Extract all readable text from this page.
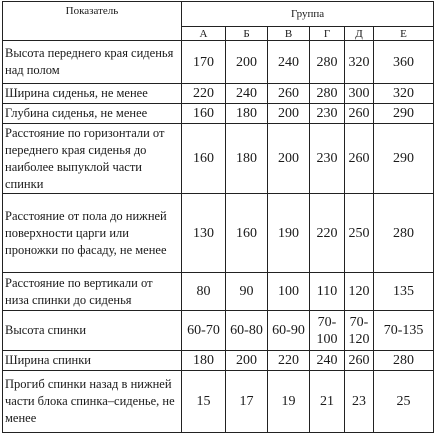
Показатель	Группа					
	А	Б	В	Г	Д	Е
Высота переднего края сиденья над полом	170	200	240	280	320	360
Ширина сиденья, не менее	220	240	260	280	300	320
Глубина сиденья, не менее	160	180	200	230	260	290
Расстояние по горизонтали от переднего края сиденья до наиболее выпуклой части спинки	160	180	200	230	260	290
Расстояние от пола до нижней поверхности царги или проножки по фасаду, не менее	130	160	190	220	250	280
Расстояние по вертикали от низа спинки до сиденья	80	90	100	110	120	135
Высота спинки	60-70	60-80	60-90	70-100	70-120	70-135
Ширина спинки	180	200	220	240	260	280
Прогиб спинки назад в нижней части блока спинка–сиденье, не менее	15	17	19	21	23	25
